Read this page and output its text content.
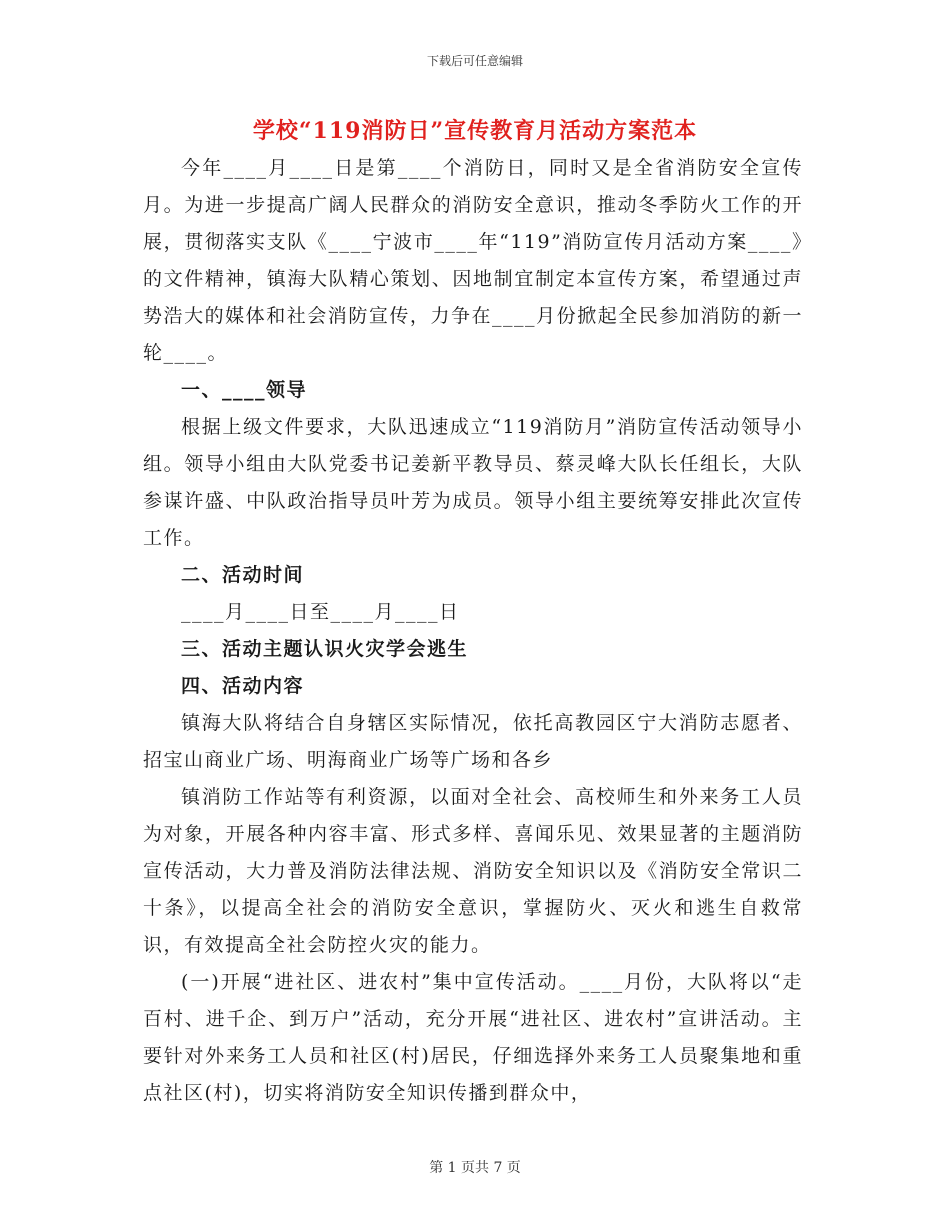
下载后可任意编辑
学校“119消防日”宣传教育月活动方案范本

今年____月____日是第____个消防日，同时又是全省消防安全宣传月。为进一步提高广阔人民群众的消防安全意识，推动冬季防火工作的开展，贯彻落实支队《____宁波市____年“119”消防宣传月活动方案____》的文件精神，镇海大队精心策划、因地制宜制定本宣传方案，希望通过声势浩大的媒体和社会消防宣传，力争在____月份掀起全民参加消防的新一轮____。

一、____领导

根据上级文件要求，大队迅速成立“119消防月”消防宣传活动领导小组。领导小组由大队党委书记姜新平教导员、蔡灵峰大队长任组长，大队参谋许盛、中队政治指导员叶芳为成员。领导小组主要统筹安排此次宣传工作。

二、活动时间

____月____日至____月____日

三、活动主题认识火灾学会逃生

四、活动内容

镇海大队将结合自身辖区实际情况，依托高教园区宁大消防志愿者、招宝山商业广场、明海商业广场等广场和各乡

镇消防工作站等有利资源，以面对全社会、高校师生和外来务工人员为对象，开展各种内容丰富、形式多样、喜闻乐见、效果显著的主题消防宣传活动，大力普及消防法律法规、消防安全知识以及《消防安全常识二十条》，以提高全社会的消防安全意识，掌握防火、灭火和逃生自救常识，有效提高全社会防控火灾的能力。

(一)开展“进社区、进农村”集中宣传活动。____月份，大队将以“走百村、进千企、到万户”活动，充分开展“进社区、进农村”宣讲活动。主要针对外来务工人员和社区(村)居民，仔细选择外来务工人员聚集地和重点社区(村)，切实将消防安全知识传播到群众中，

第 1 页共 7 页
